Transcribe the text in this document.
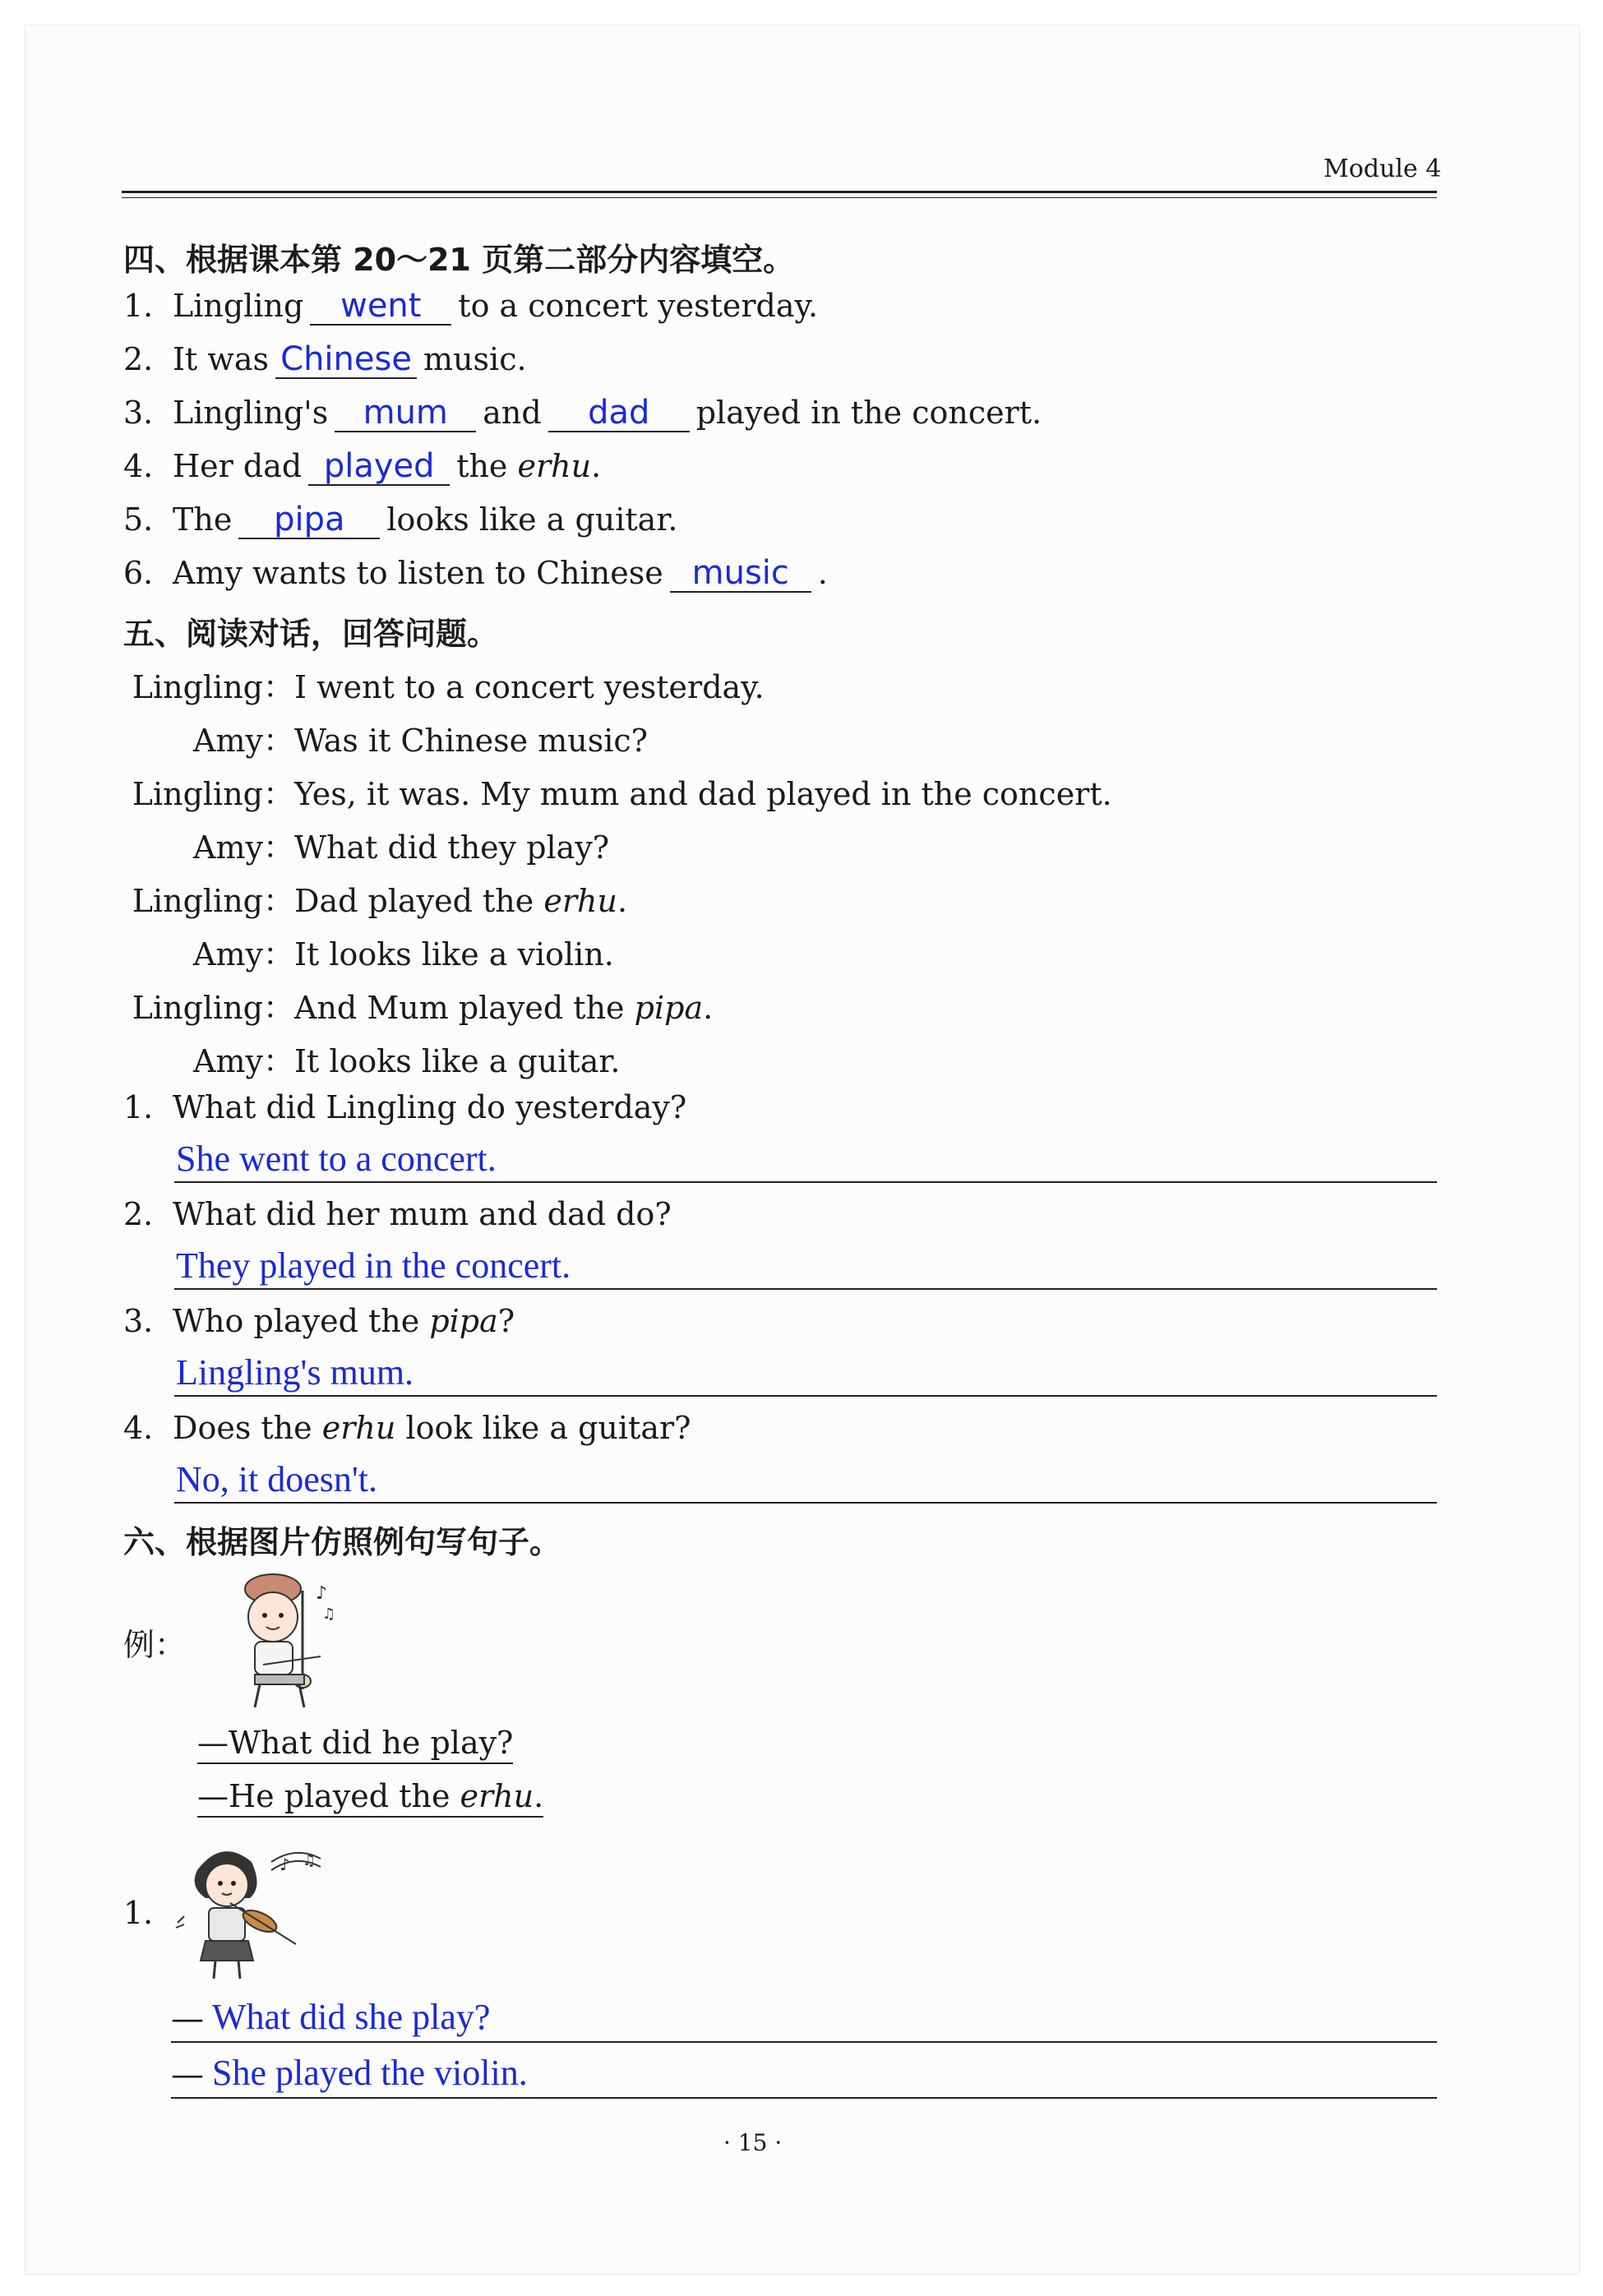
Module 4
四、根据课本第 20～21 页第二部分内容填空。
1. Lingling went to a concert yesterday.
2. It was Chinese music.
3. Lingling's mum and dad played in the concert.
4. Her dad played the erhu.
5. The pipa looks like a guitar.
6. Amy wants to listen to Chinese music .
五、阅读对话，回答问题。
Lingling：I went to a concert yesterday.
Amy：Was it Chinese music?
Lingling：Yes, it was. My mum and dad played in the concert.
Amy：What did they play?
Lingling：Dad played the erhu.
Amy：It looks like a violin.
Lingling：And Mum played the pipa.
Amy：It looks like a guitar.
1. What did Lingling do yesterday?
She went to a concert.
2. What did her mum and dad do?
They played in the concert.
3. Who played the pipa?
Lingling's mum.
4. Does the erhu look like a guitar?
No, it doesn't.
六、根据图片仿照例句写句子。
例：
♪
♫
—What did he play?
—He played the erhu.
1.
♪ ♫
— What did she play?
— She played the violin.
· 15 ·
